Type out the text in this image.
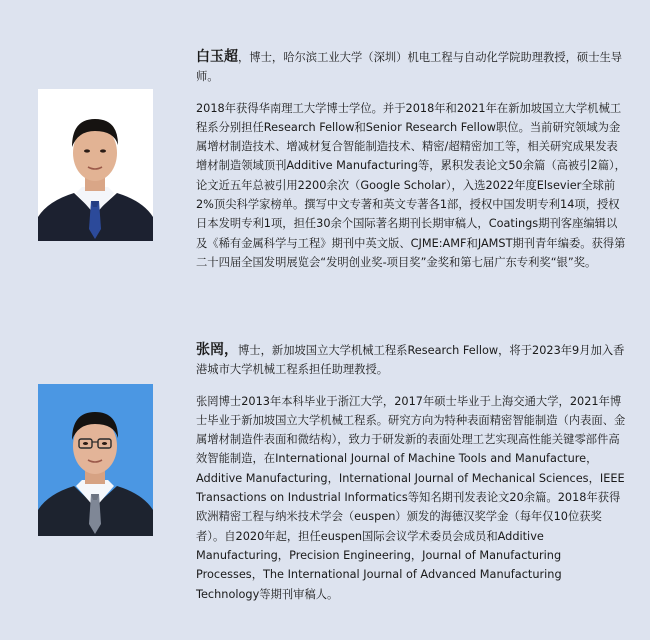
白玉超，博士，哈尔滨工业大学（深圳）机电工程与自动化学院助理教授，硕士生导师。

2018年获得华南理工大学博士学位。并于2018年和2021年在新加坡国立大学机械工程系分别担任Research Fellow和Senior Research Fellow职位。当前研究领域为金属增材制造技术、增减材复合智能制造技术、精密/超精密加工等，相关研究成果发表增材制造领域顶刊Additive Manufacturing等，累积发表论文50余篇（高被引2篇），论文近五年总被引用2200余次（Google Scholar），入选2022年度Elsevier全球前2%顶尖科学家榜单。撰写中文专著和英文专著各1部，授权中国发明专利14项，授权日本发明专利1项，担任30余个国际著名期刊长期审稿人，Coatings期刊客座编辑以及《稀有金属科学与工程》期刊中英文版、CJME:AMF和JAMST期刊青年编委。获得第二十四届全国发明展览会“发明创业奖-项目奖”金奖和第七届广东专利奖“银”奖。

张罔，博士，新加坡国立大学机械工程系Research Fellow，将于2023年9月加入香港城市大学机械工程系担任助理教授。

张罔博士2013年本科毕业于浙江大学，2017年硕士毕业于上海交通大学，2021年博士毕业于新加坡国立大学机械工程系。研究方向为特种表面精密智能制造（内表面、金属增材制造件表面和微结构），致力于研发新的表面处理工艺实现高性能关键零部件高效智能制造，在International Journal of Machine Tools and Manufacture，Additive Manufacturing，International Journal of Mechanical Sciences，IEEE Transactions on Industrial Informatics等知名期刊发表论文20余篇。2018年获得欧洲精密工程与纳米技术学会（euspen）颁发的海德汉奖学金（每年仅10位获奖者）。自2020年起，担任euspen国际会议学术委员会成员和Additive Manufacturing，Precision Engineering，Journal of Manufacturing Processes，The International Journal of Advanced Manufacturing Technology等期刊审稿人。
